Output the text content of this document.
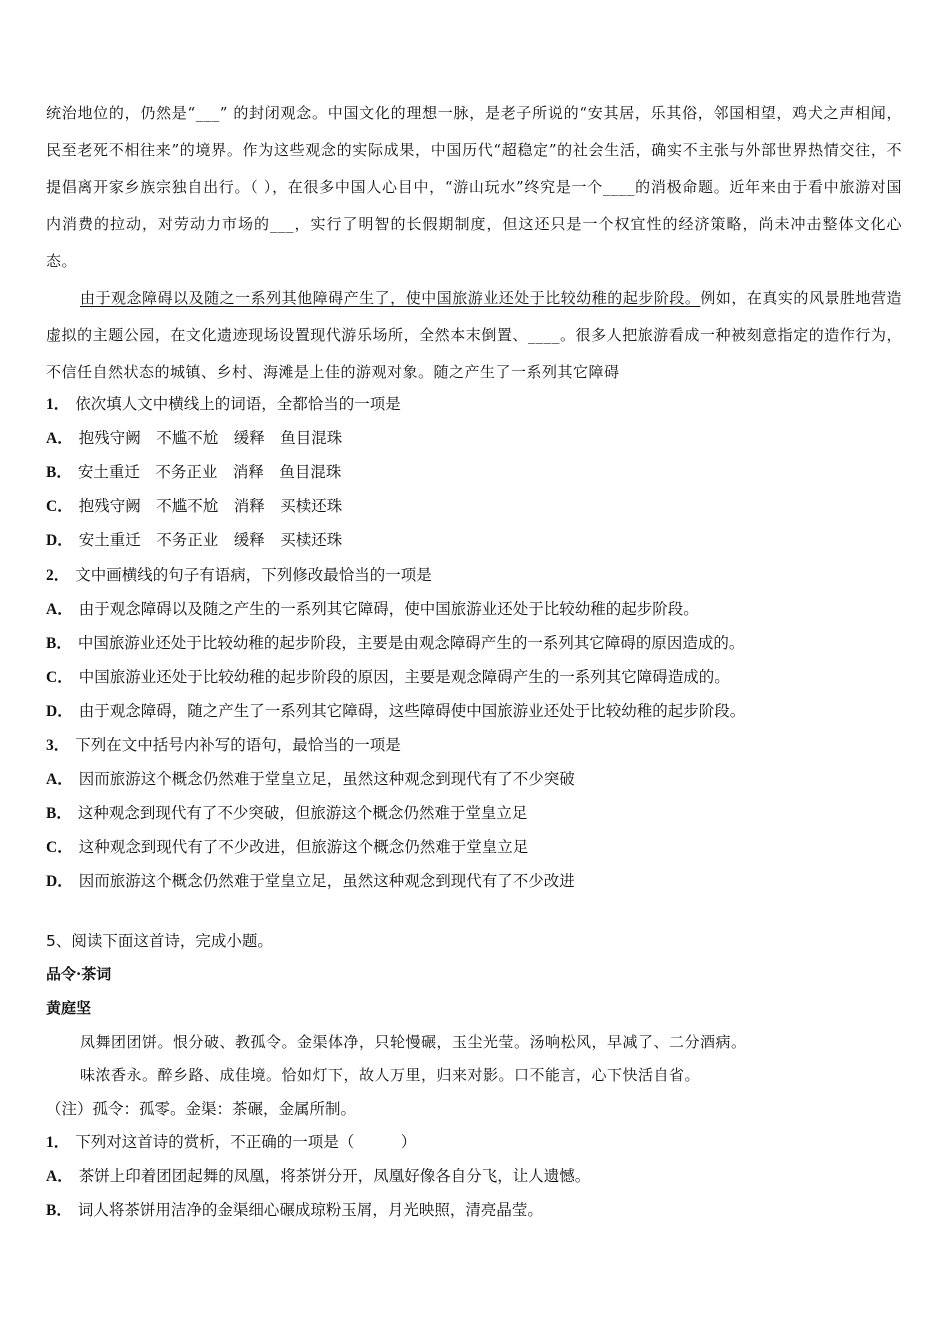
统治地位的，仍然是“___” 的封闭观念。中国文化的理想一脉，是老子所说的“安其居，乐其俗，邻国相望，鸡犬之声相闻，民至老死不相往来”的境界。作为这些观念的实际成果，中国历代“超稳定”的社会生活，确实不主张与外部世界热情交往，不提倡离开家乡族宗独自出行。（ ），在很多中国人心目中，“游山玩水”终究是一个____的消极命题。近年来由于看中旅游对国内消费的拉动，对劳动力市场的___，实行了明智的长假期制度，但这还只是一个权宜性的经济策略，尚未冲击整体文化心态。

由于观念障碍以及随之一系列其他障碍产生了，使中国旅游业还处于比较幼稚的起步阶段。例如，在真实的风景胜地营造虚拟的主题公园，在文化遗迹现场设置现代游乐场所，全然本末倒置、____。很多人把旅游看成一种被刻意指定的造作行为，不信任自然状态的城镇、乡村、海滩是上佳的游观对象。随之产生了一系列其它障碍

1． 依次填人文中横线上的词语，全都恰当的一项是
A． 抱残守阙　不尴不尬　缓释　鱼目混珠
B． 安土重迁　不务正业　消释　鱼目混珠
C． 抱残守阙　不尴不尬　消释　买椟还珠
D． 安土重迁　不务正业　缓释　买椟还珠
2． 文中画横线的句子有语病，下列修改最恰当的一项是
A． 由于观念障碍以及随之产生的一系列其它障碍，使中国旅游业还处于比较幼稚的起步阶段。
B． 中国旅游业还处于比较幼稚的起步阶段，主要是由观念障碍产生的一系列其它障碍的原因造成的。
C． 中国旅游业还处于比较幼稚的起步阶段的原因，主要是观念障碍产生的一系列其它障碍造成的。
D． 由于观念障碍，随之产生了一系列其它障碍，这些障碍使中国旅游业还处于比较幼稚的起步阶段。
3． 下列在文中括号内补写的语句，最恰当的一项是
A． 因而旅游这个概念仍然难于堂皇立足，虽然这种观念到现代有了不少突破
B． 这种观念到现代有了不少突破，但旅游这个概念仍然难于堂皇立足
C． 这种观念到现代有了不少改进，但旅游这个概念仍然难于堂皇立足
D． 因而旅游这个概念仍然难于堂皇立足，虽然这种观念到现代有了不少改进
5、阅读下面这首诗，完成小题。
品令·茶词
黄庭坚
凤舞团团饼。恨分破、教孤令。金渠体净，只轮慢碾，玉尘光莹。汤响松风，早减了、二分酒病。
味浓香永。醉乡路、成佳境。恰如灯下，故人万里，归来对影。口不能言，心下快活自省。
（注）孤令：孤零。金渠：茶碾，金属所制。
1． 下列对这首诗的赏析，不正确的一项是（　　　）
A． 茶饼上印着团团起舞的凤凰，将茶饼分开，凤凰好像各自分飞，让人遗憾。
B． 词人将茶饼用洁净的金渠细心碾成琼粉玉屑，月光映照，清亮晶莹。
